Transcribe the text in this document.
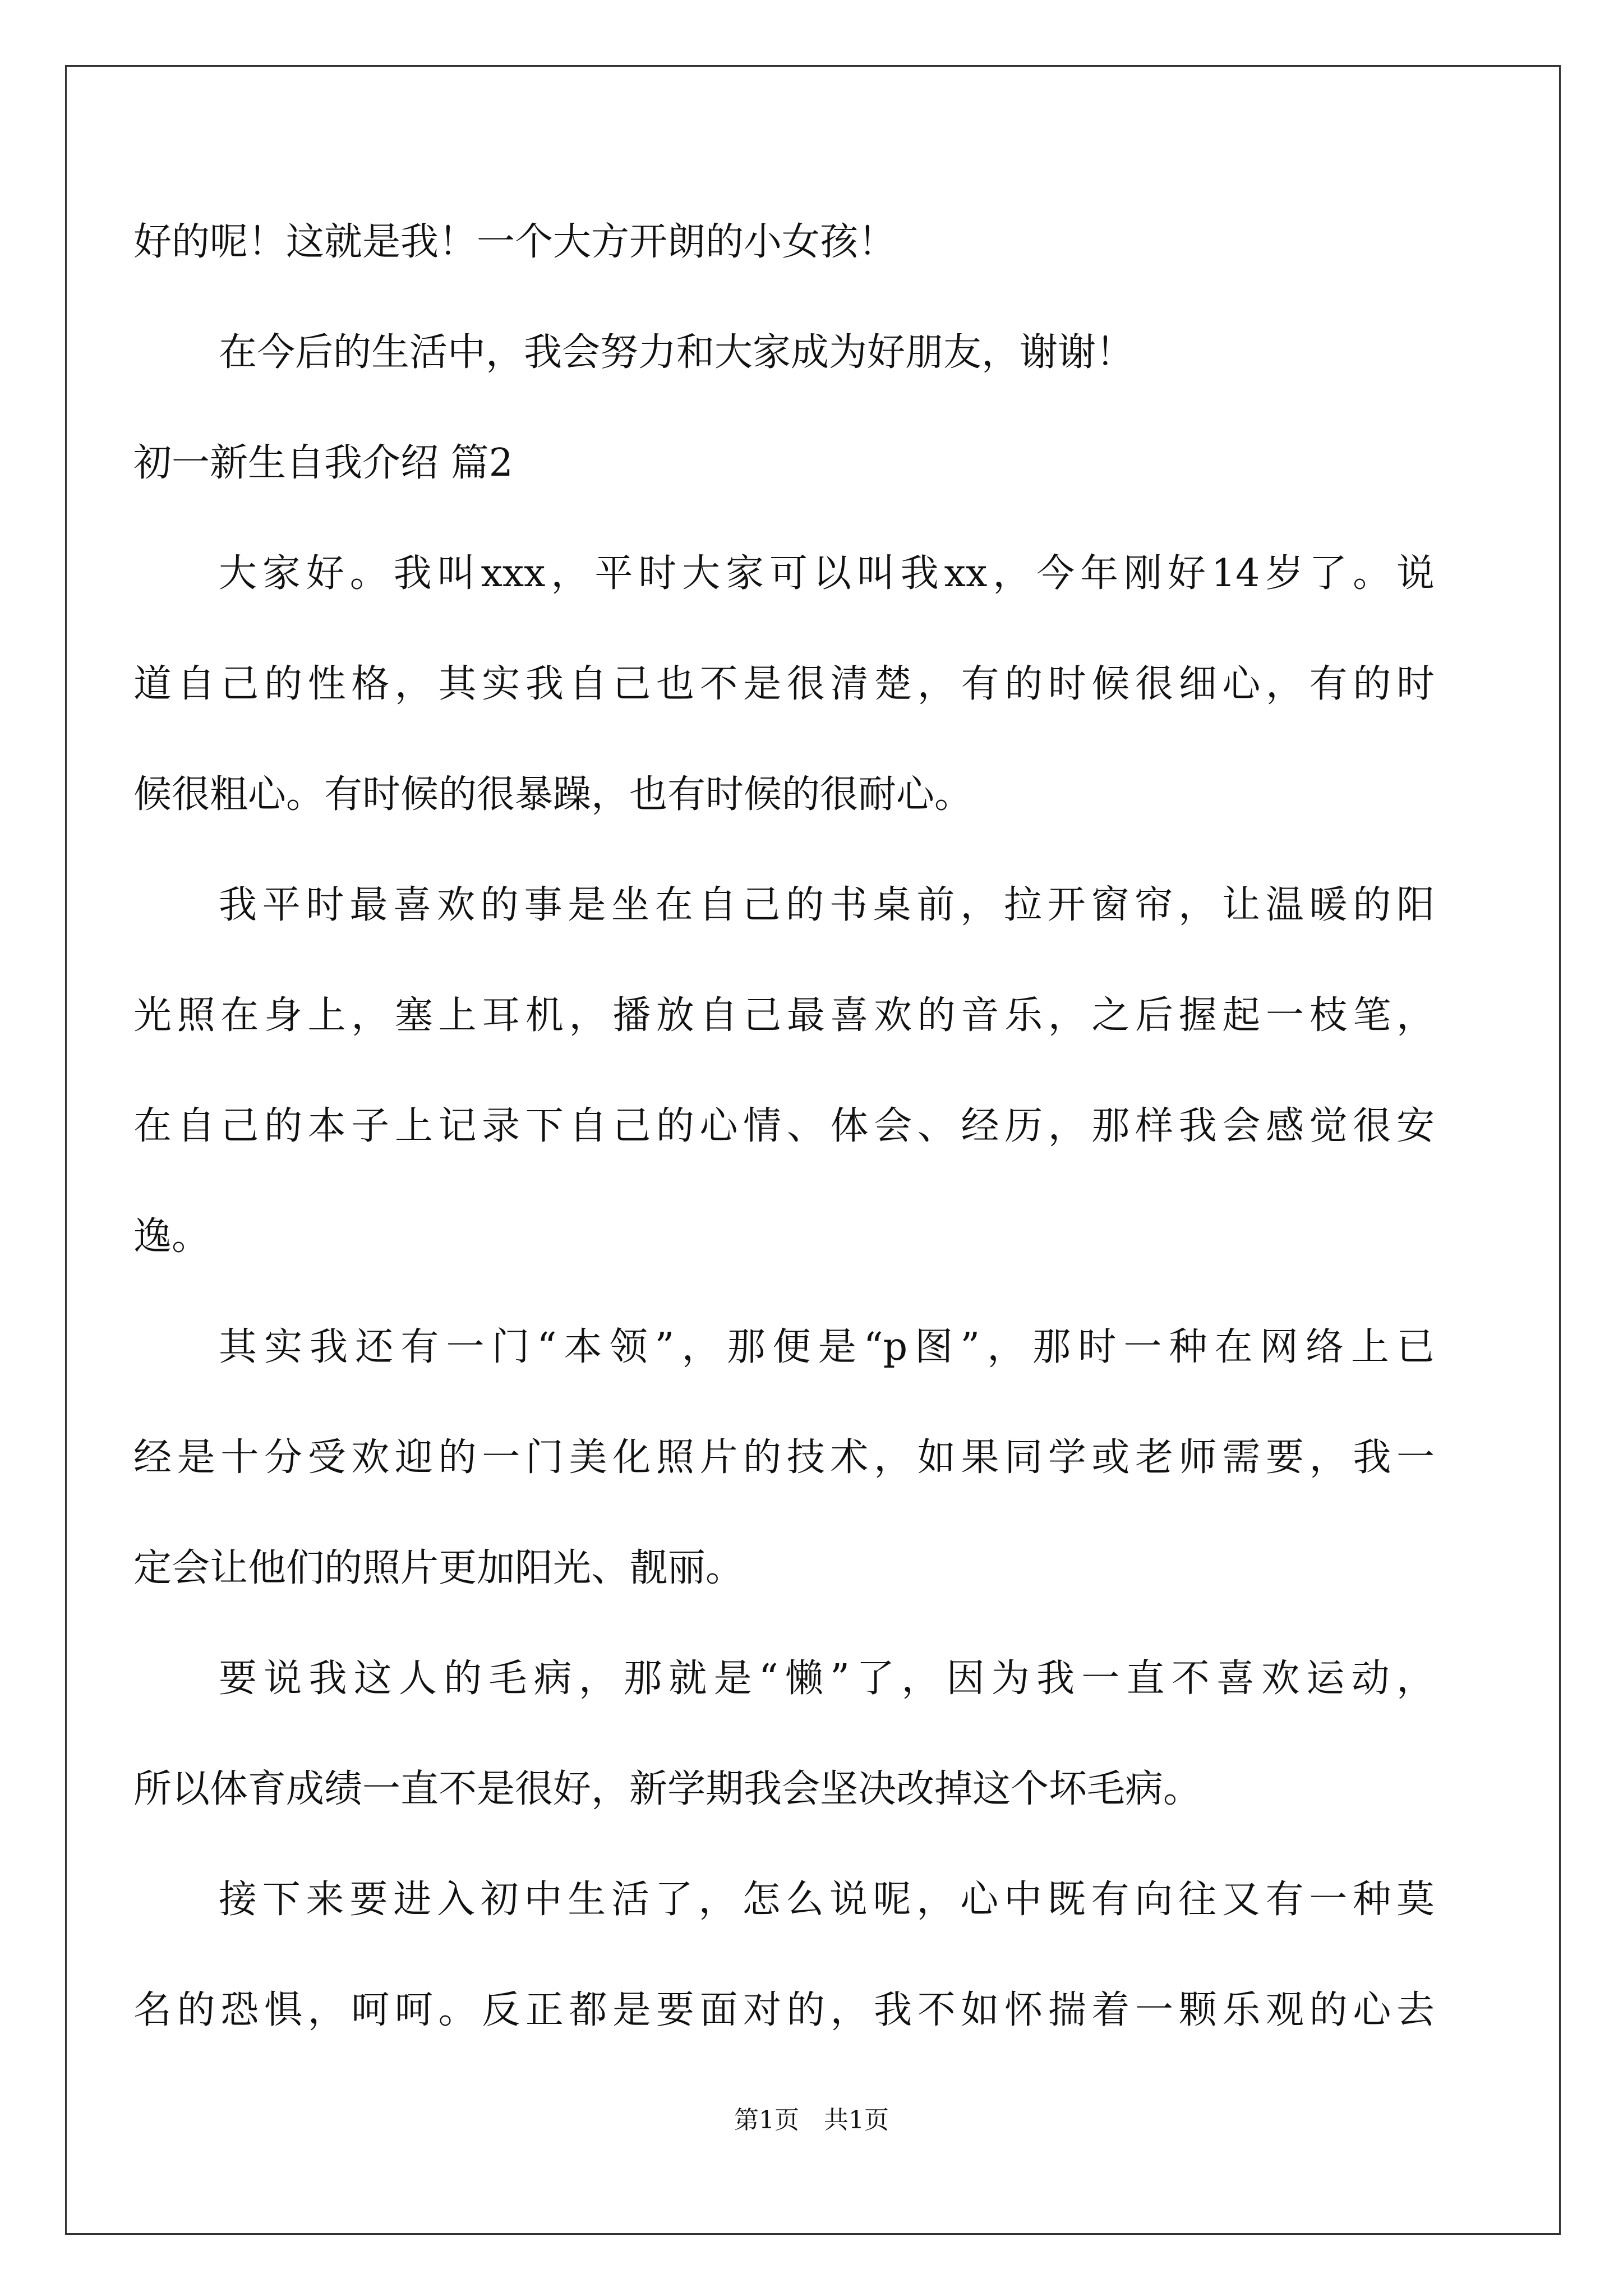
好的呢！这就是我！一个大方开朗的小女孩！
在今后的生活中，我会努力和大家成为好朋友，谢谢！
初一新生自我介绍 篇2
大家好。我叫xxx，平时大家可以叫我xx，今年刚好14岁了。说
道自己的性格，其实我自己也不是很清楚，有的时候很细心，有的时
候很粗心。有时候的很暴躁，也有时候的很耐心。
我平时最喜欢的事是坐在自己的书桌前，拉开窗帘，让温暖的阳
光照在身上，塞上耳机，播放自己最喜欢的音乐，之后握起一枝笔，
在自己的本子上记录下自己的心情、体会、经历，那样我会感觉很安
逸。
其实我还有一门“本领”，那便是“p图”，那时一种在网络上已
经是十分受欢迎的一门美化照片的技术，如果同学或老师需要，我一
定会让他们的照片更加阳光、靓丽。
要说我这人的毛病，那就是“懒”了，因为我一直不喜欢运动，
所以体育成绩一直不是很好，新学期我会坚决改掉这个坏毛病。
接下来要进入初中生活了，怎么说呢，心中既有向往又有一种莫
名的恐惧，呵呵。反正都是要面对的，我不如怀揣着一颗乐观的心去
第1页　共1页
